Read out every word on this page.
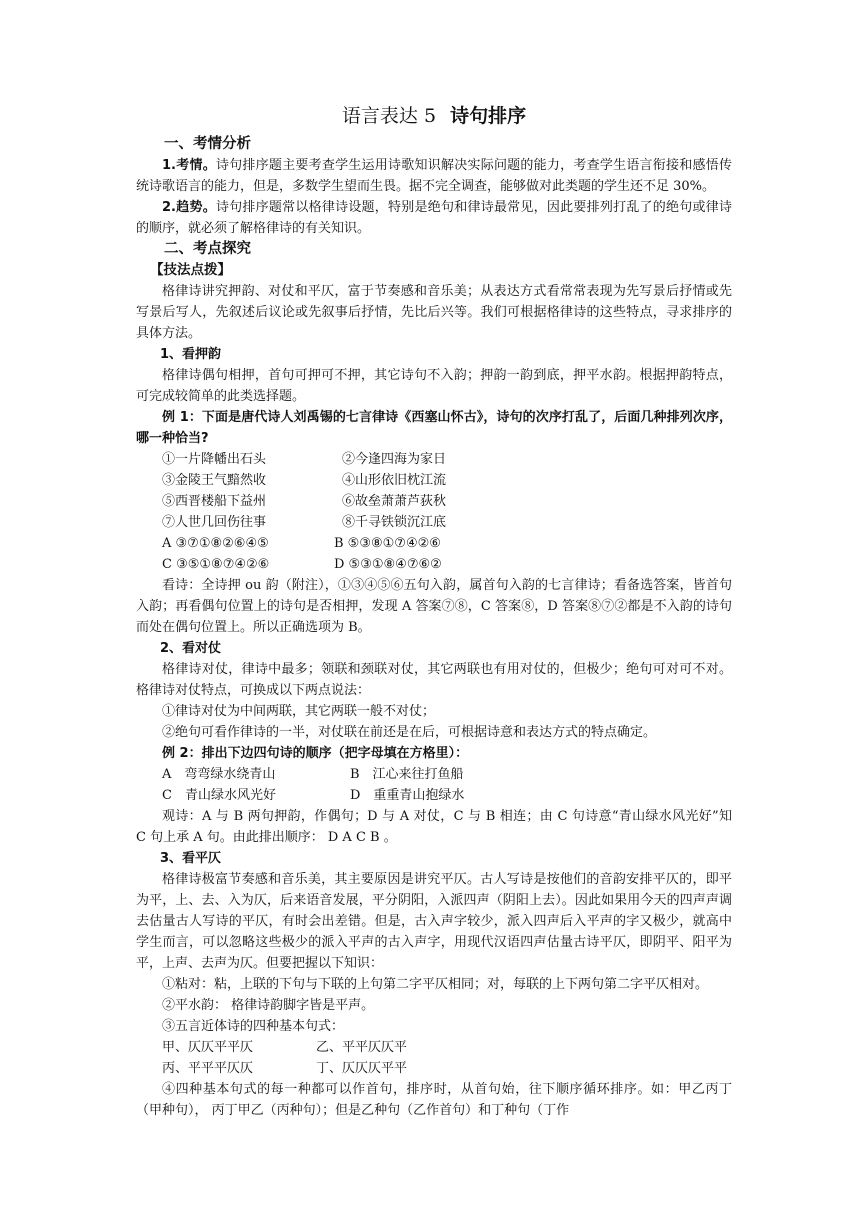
语言表达 5 诗句排序
一、考情分析

1.考情。诗句排序题主要考查学生运用诗歌知识解决实际问题的能力，考查学生语言衔接和感悟传统诗歌语言的能力，但是，多数学生望而生畏。据不完全调查，能够做对此类题的学生还不足 30%。

2.趋势。诗句排序题常以格律诗设题，特别是绝句和律诗最常见，因此要排列打乱了的绝句或律诗的顺序，就必须了解格律诗的有关知识。

二、考点探究
【技法点拨】

格律诗讲究押韵、对仗和平仄，富于节奏感和音乐美；从表达方式看常常表现为先写景后抒情或先写景后写人，先叙述后议论或先叙事后抒情，先比后兴等。我们可根据格律诗的这些特点，寻求排序的具体方法。

1、看押韵

格律诗偶句相押，首句可押可不押，其它诗句不入韵；押韵一韵到底，押平水韵。根据押韵特点，可完成较简单的此类选择题。

例 1：下面是唐代诗人刘禹锡的七言律诗《西塞山怀古》，诗句的次序打乱了，后面几种排列次序，哪一种恰当?

①一片降幡出石头	②今逢四海为家日
③金陵王气黯然收	④山形依旧枕江流
⑤西晋楼船下益州	⑥故垒萧萧芦荻秋
⑦人世几回伤往事	⑧千寻铁锁沉江底
A ③⑦①⑧②⑥④⑤	B ⑤③⑧①⑦④②⑥
C ③⑤①⑧⑦④②⑥	D ⑤③①⑧④⑦⑥②

看诗：全诗押 ou 韵（附注），①③④⑤⑥五句入韵，属首句入韵的七言律诗；看备选答案，皆首句入韵；再看偶句位置上的诗句是否相押，发现 A 答案⑦⑧，C 答案⑧，D 答案⑧⑦②都是不入韵的诗句而处在偶句位置上。所以正确选项为 B。

2、看对仗

格律诗对仗，律诗中最多；领联和颈联对仗，其它两联也有用对仗的，但极少；绝句可对可不对。格律诗对仗特点，可换成以下两点说法：

①律诗对仗为中间两联，其它两联一般不对仗；
②绝句可看作律诗的一半，对仗联在前还是在后，可根据诗意和表达方式的特点确定。

例 2：排出下边四句诗的顺序（把字母填在方格里）：

A　弯弯绿水绕青山	B　江心来往打鱼船
C　青山绿水风光好	D　重重青山抱绿水

观诗：A 与 B 两句押韵，作偶句；D 与 A 对仗，C 与 B 相连；由 C 句诗意“青山绿水风光好”知 C 句上承 A 句。由此排出顺序： D A C B 。

3、看平仄

格律诗极富节奏感和音乐美，其主要原因是讲究平仄。古人写诗是按他们的音韵安排平仄的，即平为平，上、去、入为仄，后来语音发展，平分阴阳，入派四声（阴阳上去）。因此如果用今天的四声声调去估量古人写诗的平仄，有时会出差错。但是，古入声字较少，派入四声后入平声的字又极少，就高中学生而言，可以忽略这些极少的派入平声的古入声字，用现代汉语四声估量古诗平仄，即阴平、阳平为平，上声、去声为仄。但要把握以下知识：

①粘对：粘，上联的下句与下联的上句第二字平仄相同；对，每联的上下两句第二字平仄相对。

②平水韵： 格律诗韵脚字皆是平声。
③五言近体诗的四种基本句式：
甲、仄仄平平仄	乙、平平仄仄平
丙、平平平仄仄	丁、仄仄仄平平

④四种基本句式的每一种都可以作首句，排序时，从首句始，往下顺序循环排序。如：甲乙丙丁（甲种句）， 丙丁甲乙（丙种句）；但是乙种句（乙作首句）和丁种句（丁作
